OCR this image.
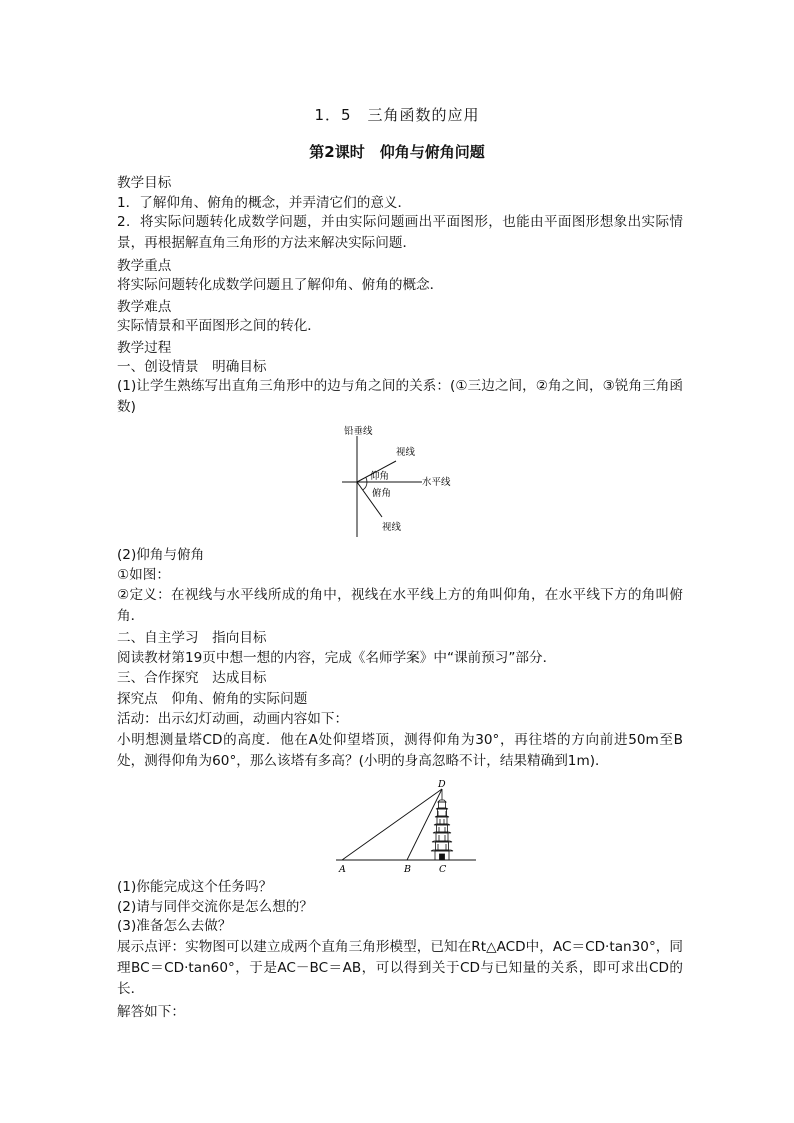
1．5　三角函数的应用
第2课时　仰角与俯角问题
教学目标
1．了解仰角、俯角的概念，并弄清它们的意义．
2．将实际问题转化成数学问题，并由实际问题画出平面图形，也能由平面图形想象出实际情景，再根据解直角三角形的方法来解决实际问题．
教学重点
将实际问题转化成数学问题且了解仰角、俯角的概念．
教学难点
实际情景和平面图形之间的转化．
教学过程
一、创设情景　明确目标
(1)让学生熟练写出直角三角形中的边与角之间的关系：(①三边之间，②角之间，③锐角三角函数)
铅垂线
视线
仰角
水平线
俯角
视线
(2)仰角与俯角
①如图：
②定义：在视线与水平线所成的角中，视线在水平线上方的角叫仰角，在水平线下方的角叫俯角．
二、自主学习　指向目标
阅读教材第19页中想一想的内容，完成《名师学案》中“课前预习”部分．
三、合作探究　达成目标
探究点　仰角、俯角的实际问题
活动：出示幻灯动画，动画内容如下：
小明想测量塔CD的高度．他在A处仰望塔顶，测得仰角为30°，再往塔的方向前进50m至B处，测得仰角为60°，那么该塔有多高？(小明的身高忽略不计，结果精确到1m)．
D
A	B	C
(1)你能完成这个任务吗？
(2)请与同伴交流你是怎么想的？
(3)准备怎么去做？
展示点评：实物图可以建立成两个直角三角形模型，已知在Rt△ACD中，AC＝CD·tan30°，同理BC＝CD·tan60°，于是AC－BC＝AB，可以得到关于CD与已知量的关系，即可求出CD的长．
解答如下：
